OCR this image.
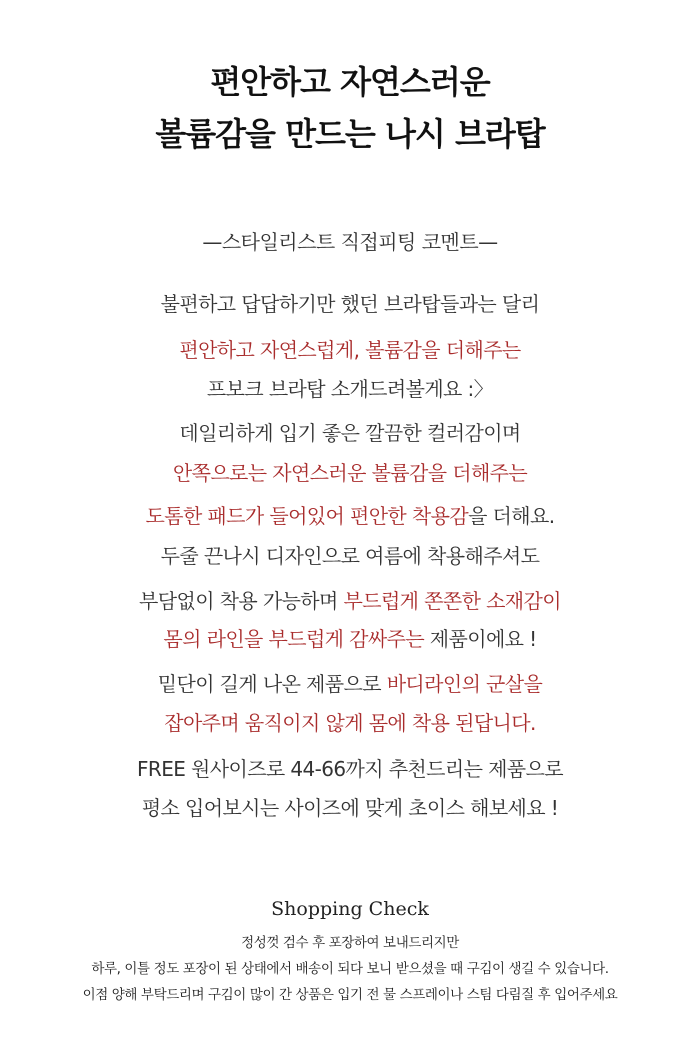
편안하고 자연스러운
볼륨감을 만드는 나시 브라탑
—스타일리스트 직접피팅 코멘트—
불편하고 답답하기만 했던 브라탑들과는 달리
편안하고 자연스럽게, 볼륨감을 더해주는
프보크 브라탑 소개드려볼게요 :〉
데일리하게 입기 좋은 깔끔한 컬러감이며
안쪽으로는 자연스러운 볼륨감을 더해주는
도톰한 패드가 들어있어 편안한 착용감을 더해요.
두줄 끈나시 디자인으로 여름에 착용해주셔도
부담없이 착용 가능하며 부드럽게 쫀쫀한 소재감이
몸의 라인을 부드럽게 감싸주는 제품이에요 !
밑단이 길게 나온 제품으로 바디라인의 군살을
잡아주며 움직이지 않게 몸에 착용 된답니다.
FREE 원사이즈로 44-66까지 추천드리는 제품으로
평소 입어보시는 사이즈에 맞게 초이스 해보세요 !
Shopping Check
정성껏 검수 후 포장하여 보내드리지만
하루, 이틀 정도 포장이 된 상태에서 배송이 되다 보니 받으셨을 때 구김이 생길 수 있습니다.
이점 양해 부탁드리며 구김이 많이 간 상품은 입기 전 물 스프레이나 스팀 다림질 후 입어주세요
